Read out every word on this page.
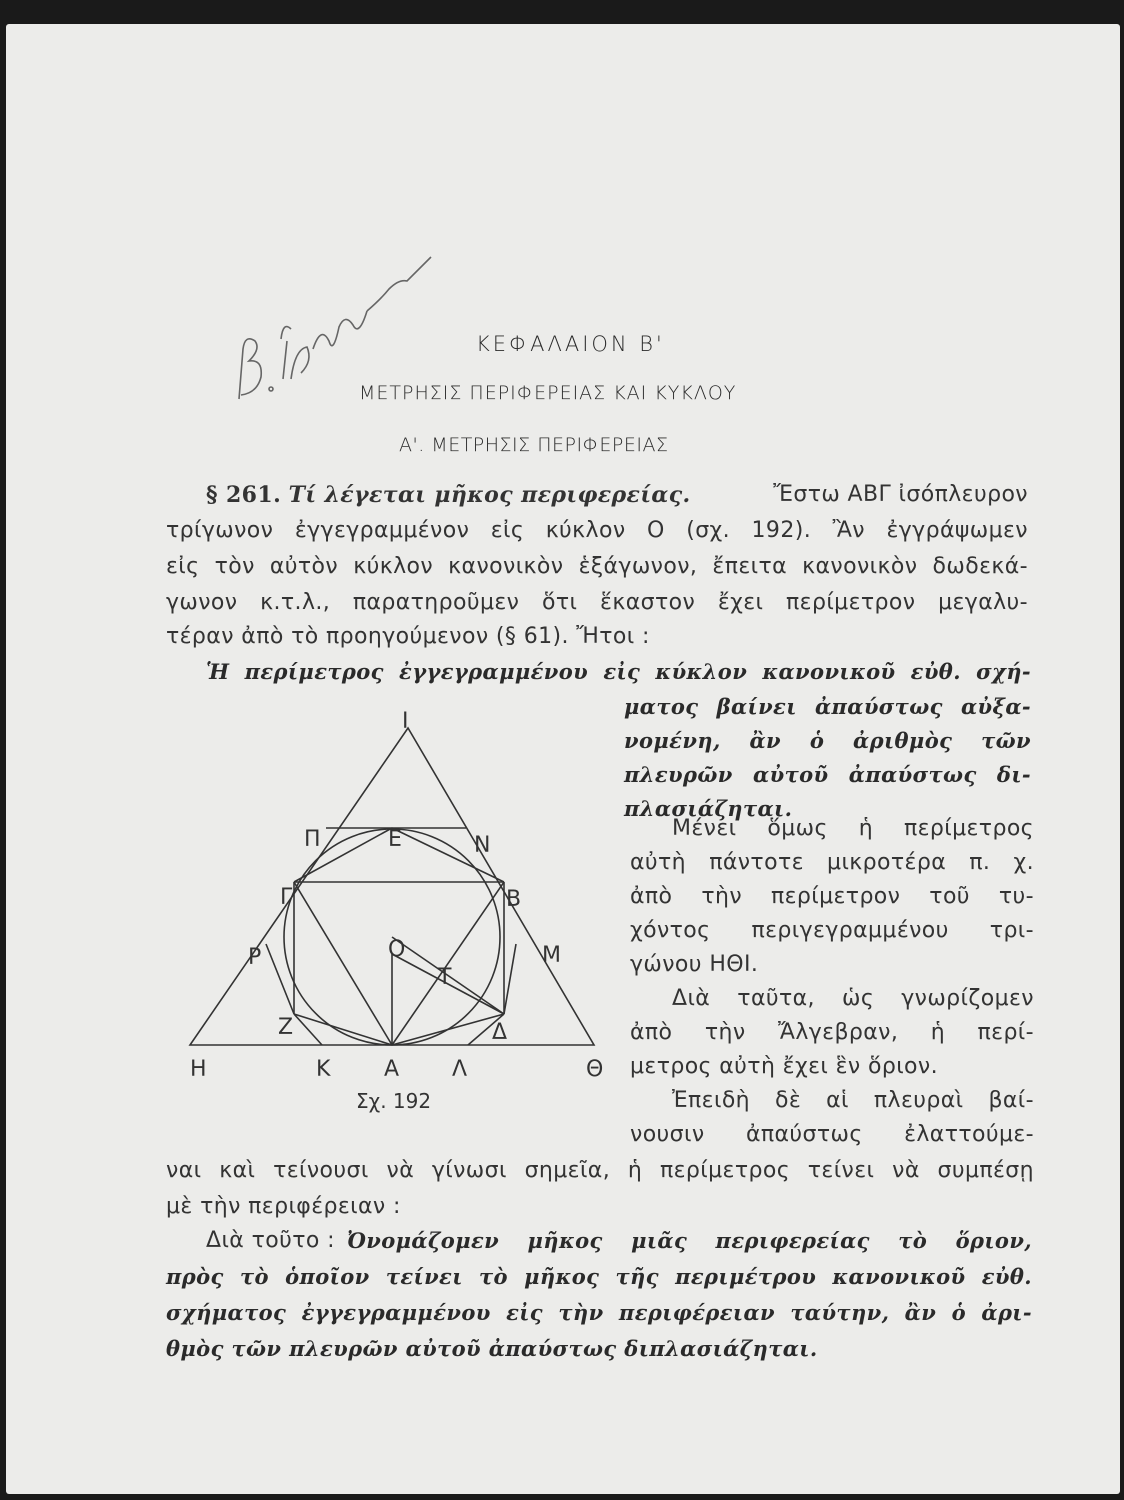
ΚΕΦΑΛΑΙΟΝ Β'
ΜΕΤΡΗΣΙΣ ΠΕΡΙΦΕΡΕΙΑΣ ΚΑΙ ΚΥΚΛΟΥ
Α'. ΜΕΤΡΗΣΙΣ ΠΕΡΙΦΕΡΕΙΑΣ
§ 261. Τί λέγεται μῆκος περιφερείας.	Ἔστω ΑΒΓ ἰσόπλευρον
τρίγωνον ἐγγεγραμμένον εἰς κύκλον Ο (σχ. 192). Ἂν ἐγγράψωμεν
εἰς τὸν αὐτὸν κύκλον κανονικὸν ἑξάγωνον, ἔπειτα κανονικὸν δωδεκά-
γωνον κ.τ.λ., παρατηροῦμεν ὅτι ἕκαστον ἔχει περίμετρον μεγαλυ-
τέραν ἀπὸ τὸ προηγούμενον (§ 61). Ἤτοι :
Ἡ περίμετρος ἐγγεγραμμένου εἰς κύκλον κανονικοῦ εὐθ. σχή-
ματος βαίνει ἀπαύστως αὐξα-
νομένη, ἂν ὁ ἀριθμὸς τῶν
πλευρῶν αὐτοῦ ἀπαύστως δι-
πλασιάζηται.
Μένει ὅμως ἡ περίμετρος
αὐτὴ πάντοτε μικροτέρα π. χ.
ἀπὸ τὴν περίμετρον τοῦ τυ-
χόντος περιγεγραμμένου τρι-
γώνου ΗΘΙ.
Διὰ ταῦτα, ὡς γνωρίζομεν
ἀπὸ τὴν Ἄλγεβραν, ἡ περί-
μετρος αὐτὴ ἔχει ἓν ὅριον.
Ἐπειδὴ δὲ αἱ πλευραὶ βαί-
νουσιν ἀπαύστως ἐλαττούμε-
ναι καὶ τείνουσι νὰ γίνωσι σημεῖα, ἡ περίμετρος τείνει νὰ συμπέσῃ
μὲ τὴν περιφέρειαν :
Διὰ τοῦτο : Ὀνομάζομεν μῆκος μιᾶς περιφερείας τὸ ὅριον,
πρὸς τὸ ὁποῖον τείνει τὸ μῆκος τῆς περιμέτρου κανονικοῦ εὐθ.
σχήματος ἐγγεγραμμένου εἰς τὴν περιφέρειαν ταύτην, ἂν ὁ ἀρι-
θμὸς τῶν πλευρῶν αὐτοῦ ἀπαύστως διπλασιάζηται.
Ι
Π	Ε	Ν
Γ	Β
Ρ	Ο
Τ
Μ
Ζ	Δ
Η	Κ Α Λ	Θ
Σχ. 192
